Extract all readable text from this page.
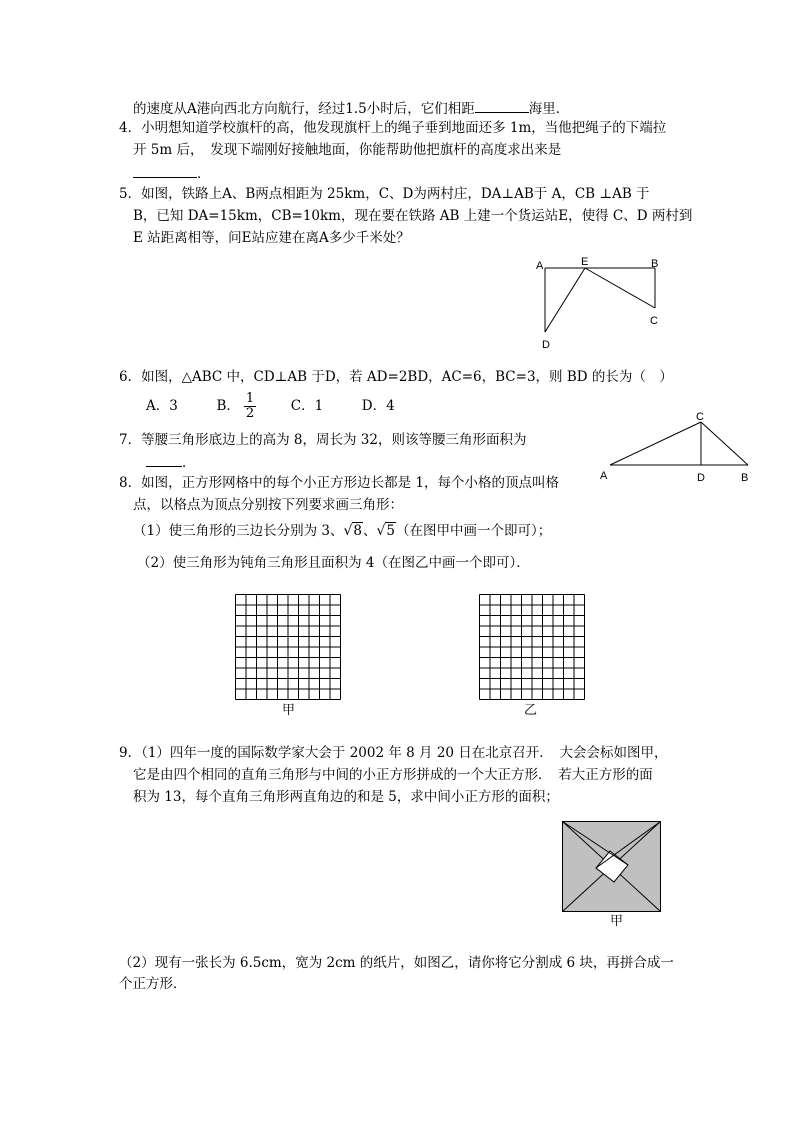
的速度从A港向西北方向航行，经过1.5小时后，它们相距	海里．
4．小明想知道学校旗杆的高，他发现旗杆上的绳子垂到地面还多 1m，当他把绳子的下端拉
开 5m 后，　发现下端刚好接触地面，你能帮助他把旗杆的高度求出来是
．
5．如图，铁路上A、B两点相距为 25km，C、D为两村庄，DA⊥AB于 A，CB ⊥AB 于
B，已知 DA=15km，CB=10km，现在要在铁路 AB 上建一个货运站E，使得 C、D 两村到
E 站距离相等，问E站应建在离A多少千米处？
A	E	B
C
D
6．如图，△ABC 中，CD⊥AB 于D，若 AD=2BD，AC=6，BC=3，则 BD 的长为（　）
A．3	B． $\frac{1}{2}$	C．1	D．4
C
A	D	B
7．等腰三角形底边上的高为 8，周长为 32，则该等腰三角形面积为
．
8．如图，正方形网格中的每个小正方形边长都是 1，每个小格的顶点叫格
点，以格点为顶点分别按下列要求画三角形：
（1）使三角形的三边长分别为 3、√8、√5（在图甲中画一个即可）；
（2）使三角形为钝角三角形且面积为 4（在图乙中画一个即可）．
甲	乙
9．（1）四年一度的国际数学家大会于 2002 年 8 月 20 日在北京召开．　大会会标如图甲，
它是由四个相同的直角三角形与中间的小正方形拼成的一个大正方形．　若大正方形的面
积为 13，每个直角三角形两直角边的和是 5，求中间小正方形的面积；
甲
（2）现有一张长为 6.5cm，宽为 2cm 的纸片，如图乙，请你将它分割成 6 块，再拼合成一
个正方形．
